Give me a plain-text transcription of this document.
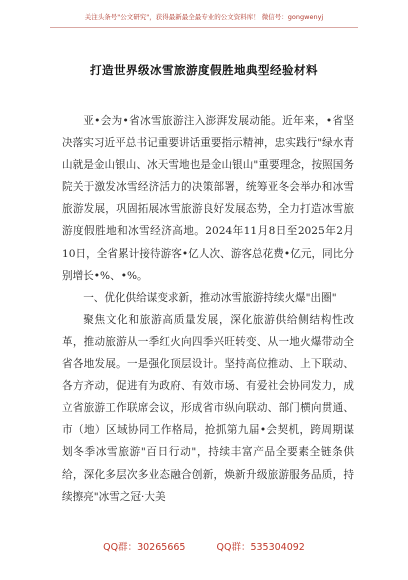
关注头条号"公文研究"，获得最新最全最专业的公文资料库！ 微信号：gongwenyj
打造世界级冰雪旅游度假胜地典型经验材料

亚•会为•省冰雪旅游注入澎湃发展动能。近年来，•省坚决落实习近平总书记重要讲话重要指示精神，忠实践行"绿水青山就是金山银山、冰天雪地也是金山银山"重要理念，按照国务院关于激发冰雪经济活力的决策部署，统筹亚冬会举办和冰雪旅游发展，巩固拓展冰雪旅游良好发展态势，全力打造冰雪旅游度假胜地和冰雪经济高地。2024年11月8日至2025年2月10日，全省累计接待游客•亿人次、游客总花费•亿元，同比分别增长•%、•%。

一、优化供给谋变求新，推动冰雪旅游持续火爆"出圈"

聚焦文化和旅游高质量发展，深化旅游供给侧结构性改革，推动旅游从一季红火向四季兴旺转变、从一地火爆带动全省各地发展。一是强化顶层设计。坚持高位推动、上下联动、各方齐动，促进有为政府、有效市场、有爱社会协同发力，成立省旅游工作联席会议，形成省市纵向联动、部门横向贯通、市（地）区域协同工作格局，抢抓第九届•会契机，跨周期谋划冬季冰雪旅游"百日行动"，持续丰富产品全要素全链条供给，深化多层次多业态融合创新，焕新升级旅游服务品质，持续擦亮"冰雪之冠·大美

QQ群：30265665	QQ群：535304092
